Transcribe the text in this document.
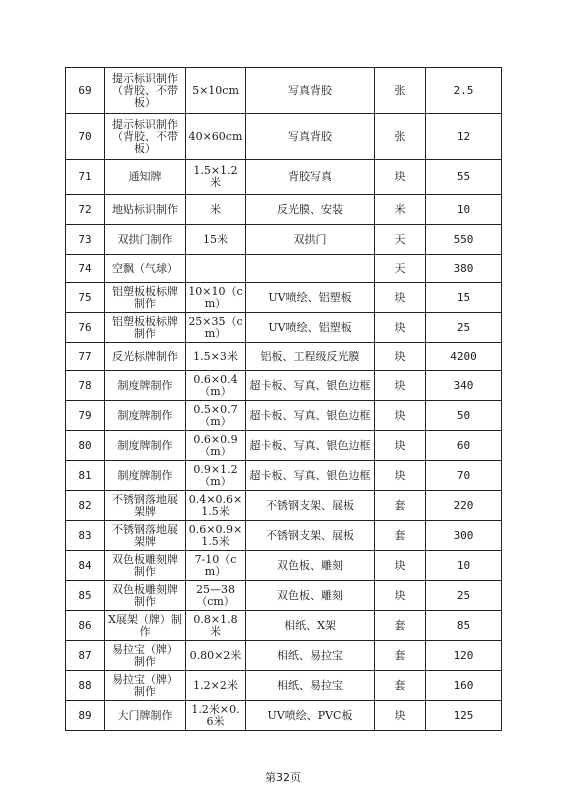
69	提示标识制作（背胶、不带板）	5×10cm	写真背胶	张	2.5
70	提示标识制作（背胶、不带板）	40×60cm	写真背胶	张	12
71	通知牌	1.5×1.2米	背胶写真	块	55
72	地贴标识制作	米	反光膜、安装	米	10
73	双拱门制作	15米	双拱门	天	550
74	空飘（气球）			天	380
75	铝塑板板标牌制作	10×10（cm）	UV喷绘、铝塑板	块	15
76	铝塑板板标牌制作	25×35（cm）	UV喷绘、铝塑板	块	25
77	反光标牌制作	1.5×3米	铝板、工程级反光膜	块	4200
78	制度牌制作	0.6×0.4（m）	超卡板、写真、银色边框	块	340
79	制度牌制作	0.5×0.7（m）	超卡板、写真、银色边框	块	50
80	制度牌制作	0.6×0.9（m）	超卡板、写真、银色边框	块	60
81	制度牌制作	0.9×1.2（m）	超卡板、写真、银色边框	块	70
82	不锈钢落地展架牌	0.4×0.6×1.5米	不锈钢支架、展板	套	220
83	不锈钢落地展架牌	0.6×0.9×1.5米	不锈钢支架、展板	套	300
84	双色板雕刻牌制作	7-10（cm）	双色板、雕刻	块	10
85	双色板雕刻牌制作	25—38（cm）	双色板、雕刻	块	25
86	X展架（牌）制作	0.8×1.8米	相纸、X架	套	85
87	易拉宝（牌）制作	0.80×2米	相纸、易拉宝	套	120
88	易拉宝（牌）制作	1.2×2米	相纸、易拉宝	套	160
89	大门牌制作	1.2米×0.6米	UV喷绘、PVC板	块	125
第32页
